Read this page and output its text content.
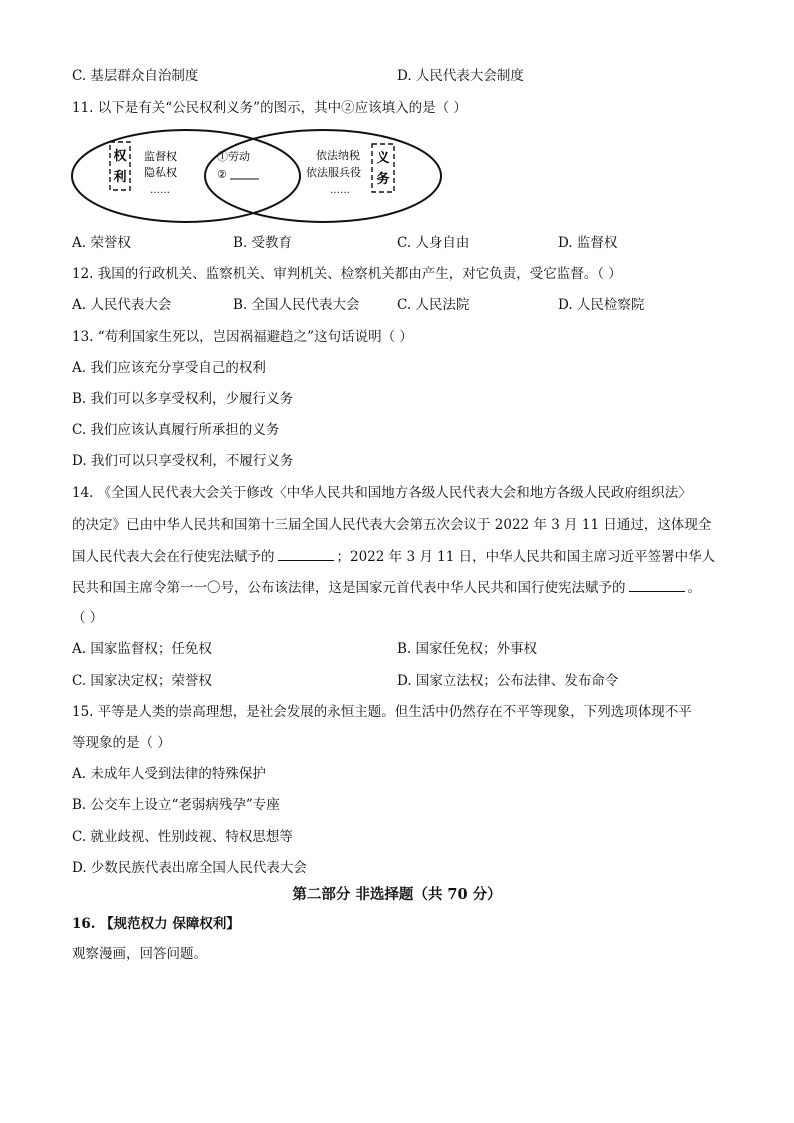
C. 基层群众自治制度	D. 人民代表大会制度
11. 以下是有关“公民权利义务”的图示，其中②应该填入的是（ ）
权
利
监督权
隐私权
……
①劳动
②
依法纳税
依法服兵役
……
义
务
A. 荣誉权	B. 受教育	C. 人身自由	D. 监督权
12. 我国的行政机关、监察机关、审判机关、检察机关都由产生，对它负责，受它监督。（ ）
A. 人民代表大会	B. 全国人民代表大会	C. 人民法院	D. 人民检察院
13. “苟利国家生死以，岂因祸福避趋之”这句话说明（ ）
A. 我们应该充分享受自己的权利
B. 我们可以多享受权利，少履行义务
C. 我们应该认真履行所承担的义务
D. 我们可以只享受权利，不履行义务
14. 《全国人民代表大会关于修改〈中华人民共和国地方各级人民代表大会和地方各级人民政府组织法〉
的决定》已由中华人民共和国第十三届全国人民代表大会第五次会议于 2022 年 3 月 11 日通过，这体现全
国人民代表大会在行使宪法赋予的	；2022 年 3 月 11 日，中华人民共和国主席习近平签署中华人
民共和国主席令第一一〇号，公布该法律，这是国家元首代表中华人民共和国行使宪法赋予的	。
（ ）
A. 国家监督权；任免权	B. 国家任免权；外事权
C. 国家决定权；荣誉权	D. 国家立法权；公布法律、发布命令
15. 平等是人类的崇高理想，是社会发展的永恒主题。但生活中仍然存在不平等现象，下列选项体现不平
等现象的是（ ）
A. 未成年人受到法律的特殊保护
B. 公交车上设立“老弱病残孕”专座
C. 就业歧视、性别歧视、特权思想等
D. 少数民族代表出席全国人民代表大会
第二部分 非选择题（共 70 分）
16. 【规范权力 保障权利】
观察漫画，回答问题。
